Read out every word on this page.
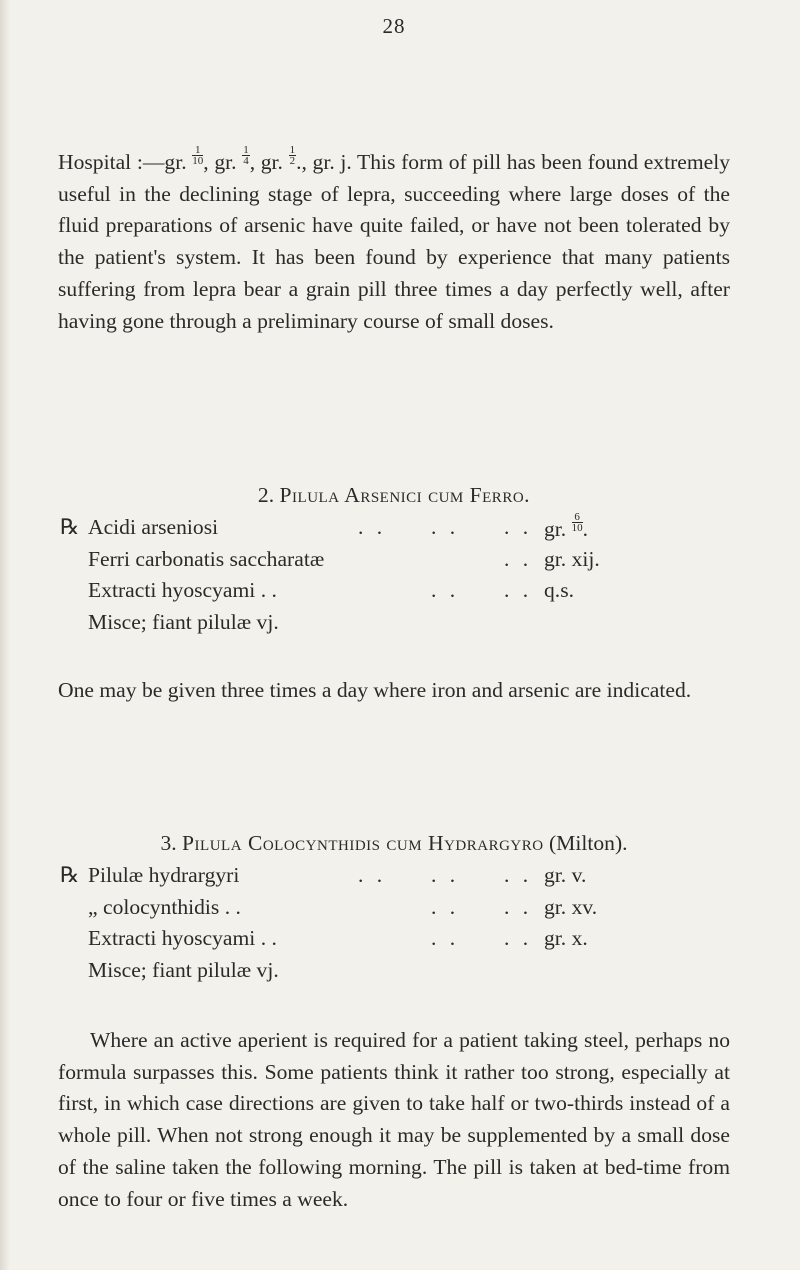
28

Hospital :—gr. $\frac{1}{10}$ , gr. $\frac{1}{4}$ , gr. $\frac{1}{2}$ ., gr. j. This form of pill has been found extremely useful in the declining stage of lepra, succeeding where large doses of the fluid preparations of arsenic have quite failed, or have not been tolerated by the patient's system. It has been found by experience that many patients suffering from lepra bear a grain pill three times a day perfectly well, after having gone through a preliminary course of small doses.

2. Pilula Arsenici cum Ferro.
℞ Acidi arseniosi	. . . . . . gr. $\frac{6}{10}$ .
Ferri carbonatis saccharatæ	. . gr. xij.
Extracti hyoscyami . .	. . . . q.s.
Misce; fiant pilulæ vj.

One may be given three times a day where iron and arsenic are indicated.

3. Pilula Colocynthidis cum Hydrargyro (Milton).
℞ Pilulæ hydrargyri	. . . . . . gr. v.
„ colocynthidis . .	. . . . gr. xv.
Extracti hyoscyami . .	. . . . gr. x.
Misce; fiant pilulæ vj.

Where an active aperient is required for a patient taking steel, perhaps no formula surpasses this. Some patients think it rather too strong, especially at first, in which case directions are given to take half or two-thirds instead of a whole pill. When not strong enough it may be supplemented by a small dose of the saline taken the following morning. The pill is taken at bed-time from once to four or five times a week.
